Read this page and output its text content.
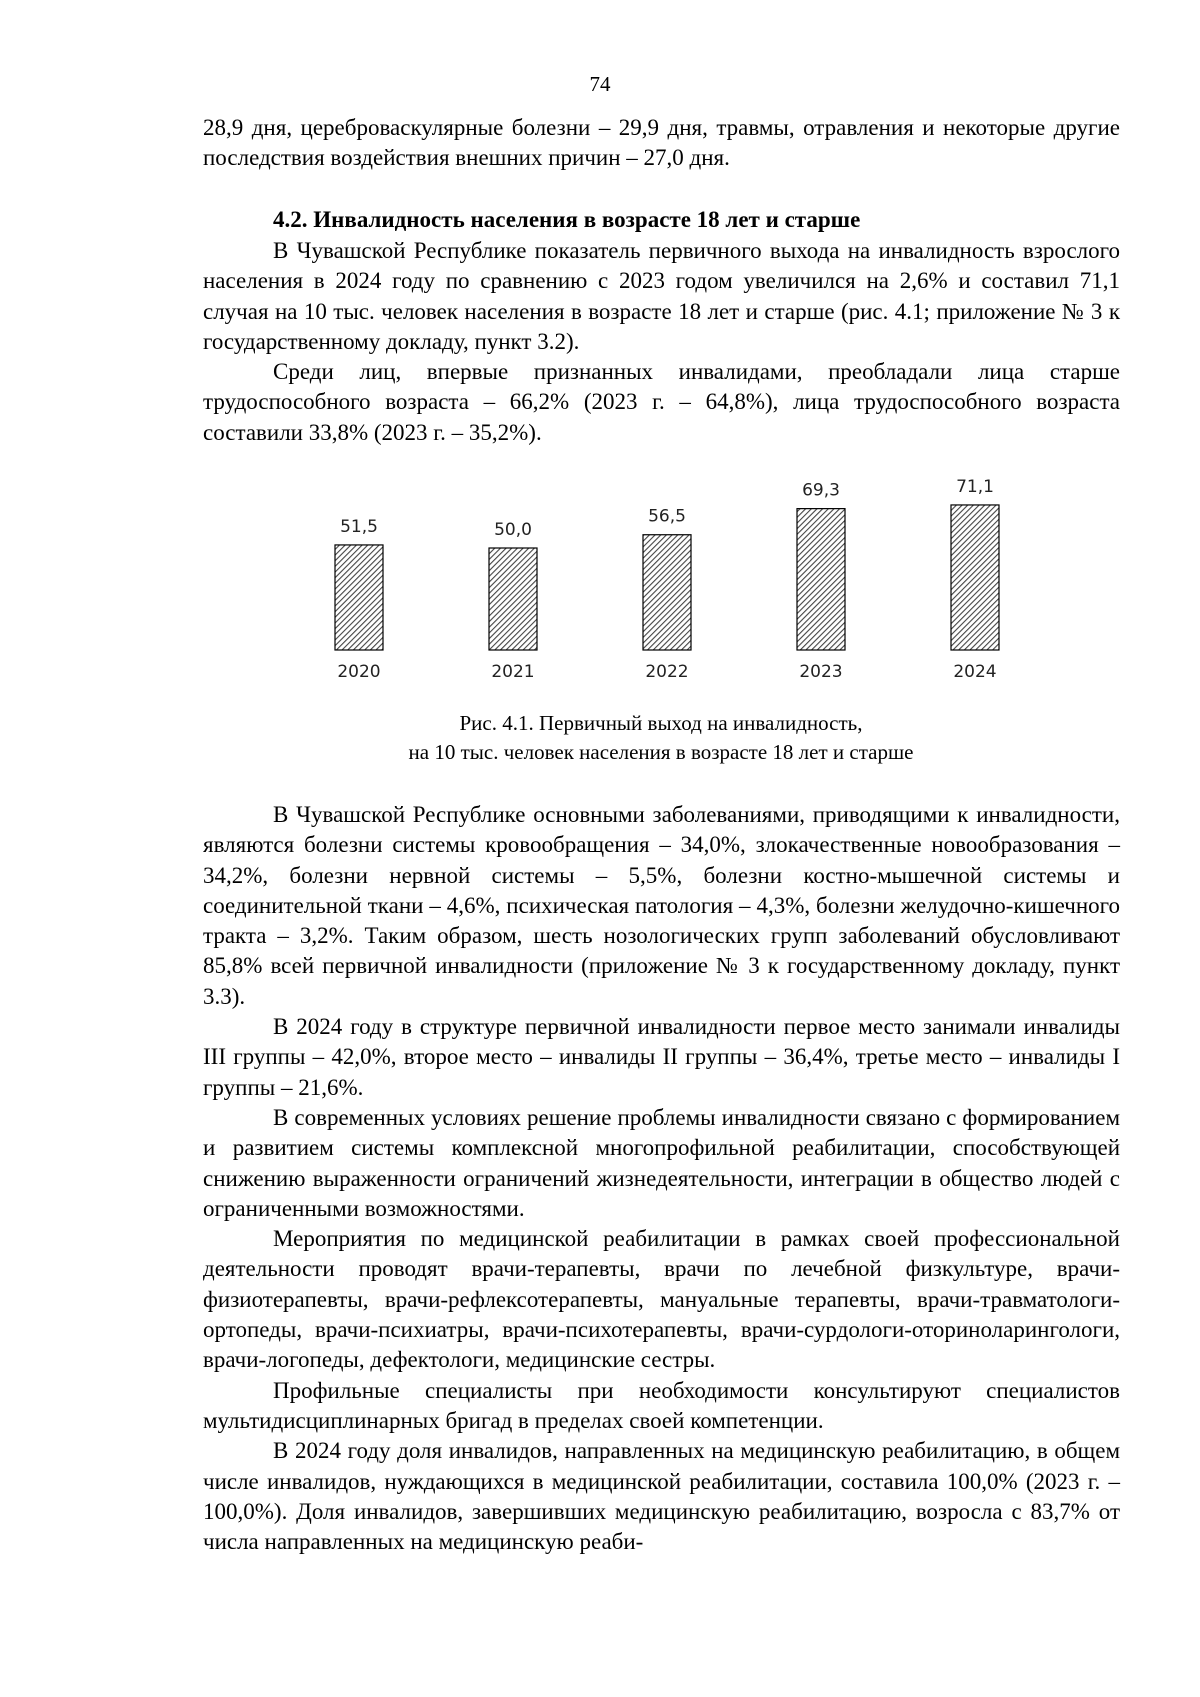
74

28,9 дня, цереброваскулярные болезни – 29,9 дня, травмы, отравления и некоторые другие последствия воздействия внешних причин – 27,0 дня.

4.2. Инвалидность населения в возрасте 18 лет и старше

В Чувашской Республике показатель первичного выхода на инвалидность взрослого населения в 2024 году по сравнению с 2023 годом увеличился на 2,6% и составил 71,1 случая на 10 тыс. человек населения в возрасте 18 лет и старше (рис. 4.1; приложение № 3 к государственному докладу, пункт 3.2).

Среди лиц, впервые признанных инвалидами, преобладали лица старше трудоспособного возраста – 66,2% (2023 г. – 64,8%), лица трудоспособного возраста составили 33,8% (2023 г. – 35,2%).

51,5
2020
50,0
2021
56,5
2022
69,3
2023
71,1
2024
Рис. 4.1. Первичный выход на инвалидность,
на 10 тыс. человек населения в возрасте 18 лет и старше

В Чувашской Республике основными заболеваниями, приводящими к инвалидности, являются болезни системы кровообращения – 34,0%, злокачественные новообразования – 34,2%, болезни нервной системы – 5,5%, болезни костно-мышечной системы и соединительной ткани – 4,6%, психическая патология – 4,3%, болезни желудочно-кишечного тракта – 3,2%. Таким образом, шесть нозологических групп заболеваний обусловливают 85,8% всей первичной инвалидности (приложение № 3 к государственному докладу, пункт 3.3).

В 2024 году в структуре первичной инвалидности первое место занимали инвалиды III группы – 42,0%, второе место – инвалиды II группы – 36,4%, третье место – инвалиды I группы – 21,6%.

В современных условиях решение проблемы инвалидности связано с формированием и развитием системы комплексной многопрофильной реабилитации, способствующей снижению выраженности ограничений жизнедеятельности, интеграции в общество людей с ограниченными возможностями.

Мероприятия по медицинской реабилитации в рамках своей профессиональной деятельности проводят врачи-терапевты, врачи по лечебной физкультуре, врачи-физиотерапевты, врачи-рефлексотерапевты, мануальные терапевты, врачи-травматологи-ортопеды, врачи-психиатры, врачи-психотерапевты, врачи-сурдологи-оториноларингологи, врачи-логопеды, дефектологи, медицинские сестры.

Профильные специалисты при необходимости консультируют специалистов мультидисциплинарных бригад в пределах своей компетенции.

В 2024 году доля инвалидов, направленных на медицинскую реабилитацию, в общем числе инвалидов, нуждающихся в медицинской реабилитации, составила 100,0% (2023 г. – 100,0%). Доля инвалидов, завершивших медицинскую реабилитацию, возросла с 83,7% от числа направленных на медицинскую реаби-
